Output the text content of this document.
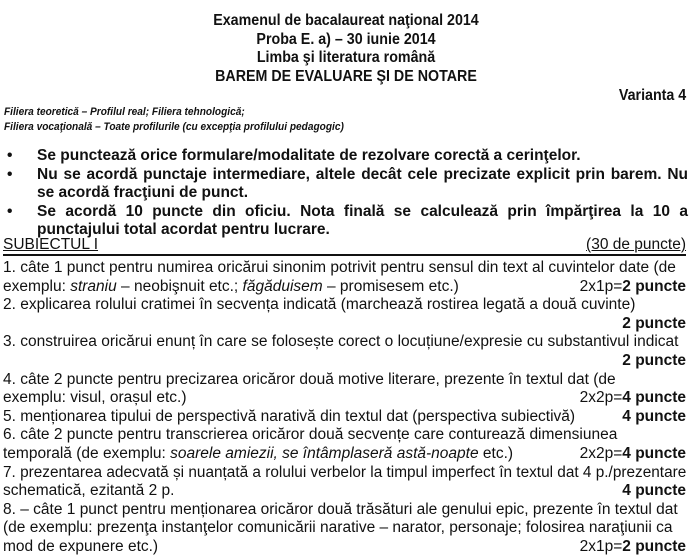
Examenul de bacalaureat naţional 2014
Proba E. a) – 30 iunie 2014
Limba şi literatura română
BAREM DE EVALUARE ŞI DE NOTARE
Varianta 4
Filiera teoretică – Profilul real; Filiera tehnologică;
Filiera vocaţională – Toate profilurile (cu excepţia profilului pedagogic)
•	Se punctează orice formulare/modalitate de rezolvare corectă a cerinţelor.
•	Nu se acordă punctaje intermediare, altele decât cele precizate explicit prin barem. Nu se acordă fracţiuni de punct.
•	Se acordă 10 puncte din oficiu. Nota finală se calculează prin împărţirea la 10 a punctajului total acordat pentru lucrare.
SUBIECTUL I	(30 de puncte)
1. câte 1 punct pentru numirea oricărui sinonim potrivit pentru sensul din text al cuvintelor date (de
exemplu: straniu – neobişnuit etc.; făgăduisem – promisesem etc.)	2x1p=2 puncte
2. explicarea rolului cratimei în secvența indicată (marchează rostirea legată a două cuvinte)
2 puncte
3. construirea oricărui enunț în care se folosește corect o locuțiune/expresie cu substantivul indicat
2 puncte
4. câte 2 puncte pentru precizarea oricăror două motive literare, prezente în textul dat (de
exemplu: visul, orașul etc.)	2x2p=4 puncte
5. menționarea tipului de perspectivă narativă din textul dat (perspectiva subiectivă)	4 puncte
6. câte 2 puncte pentru transcrierea oricăror două secvențe care conturează dimensiunea
temporală (de exemplu: soarele amiezii, se întâmplaseră astă-noapte etc.)	2x2p=4 puncte
7. prezentarea adecvată și nuanțată a rolului verbelor la timpul imperfect în textul dat 4 p./prezentare
schematică, ezitantă 2 p.	4 puncte
8. – câte 1 punct pentru menționarea oricăror două trăsături ale genului epic, prezente în textul dat
(de exemplu: prezenţa instanţelor comunicării narative – narator, personaje; folosirea naraţiunii ca
mod de expunere etc.)	2x1p=2 puncte
